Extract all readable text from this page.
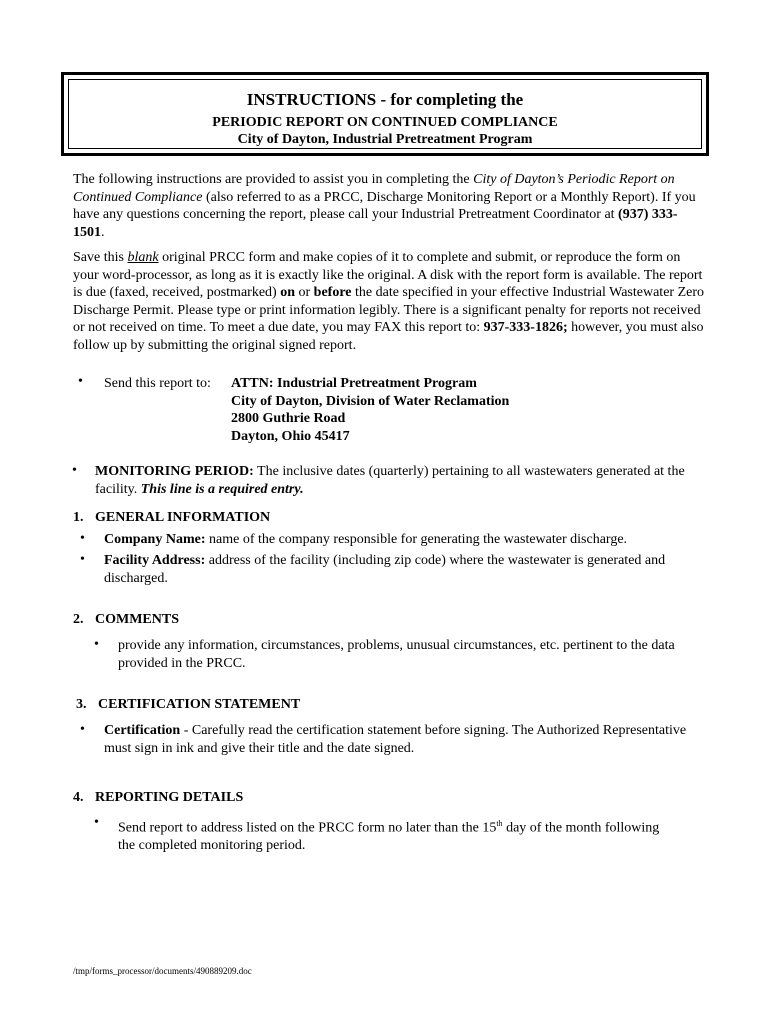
INSTRUCTIONS - for completing the
PERIODIC REPORT ON CONTINUED COMPLIANCE
City of Dayton, Industrial Pretreatment Program
The following instructions are provided to assist you in completing the City of Dayton’s Periodic Report on Continued Compliance (also referred to as a PRCC, Discharge Monitoring Report or a Monthly Report). If you have any questions concerning the report, please call your Industrial Pretreatment Coordinator at (937) 333-1501.
Save this blank original PRCC form and make copies of it to complete and submit, or reproduce the form on your word-processor, as long as it is exactly like the original. A disk with the report form is available. The report is due (faxed, received, postmarked) on or before the date specified in your effective Industrial Wastewater Zero Discharge Permit. Please type or print information legibly. There is a significant penalty for reports not received or not received on time. To meet a due date, you may FAX this report to: 937-333-1826; however, you must also follow up by submitting the original signed report.
• Send this report to: ATTN: Industrial Pretreatment Program
City of Dayton, Division of Water Reclamation
2800 Guthrie Road
Dayton, Ohio 45417
• MONITORING PERIOD: The inclusive dates (quarterly) pertaining to all wastewaters generated at the facility. This line is a required entry.
1. GENERAL INFORMATION
• Company Name: name of the company responsible for generating the wastewater discharge.
• Facility Address: address of the facility (including zip code) where the wastewater is generated and discharged.
2. COMMENTS
• provide any information, circumstances, problems, unusual circumstances, etc. pertinent to the data provided in the PRCC.
3. CERTIFICATION STATEMENT
• Certification - Carefully read the certification statement before signing. The Authorized Representative must sign in ink and give their title and the date signed.
4. REPORTING DETAILS
• Send report to address listed on the PRCC form no later than the 15th day of the month following the completed monitoring period.
/tmp/forms_processor/documents/490889209.doc
